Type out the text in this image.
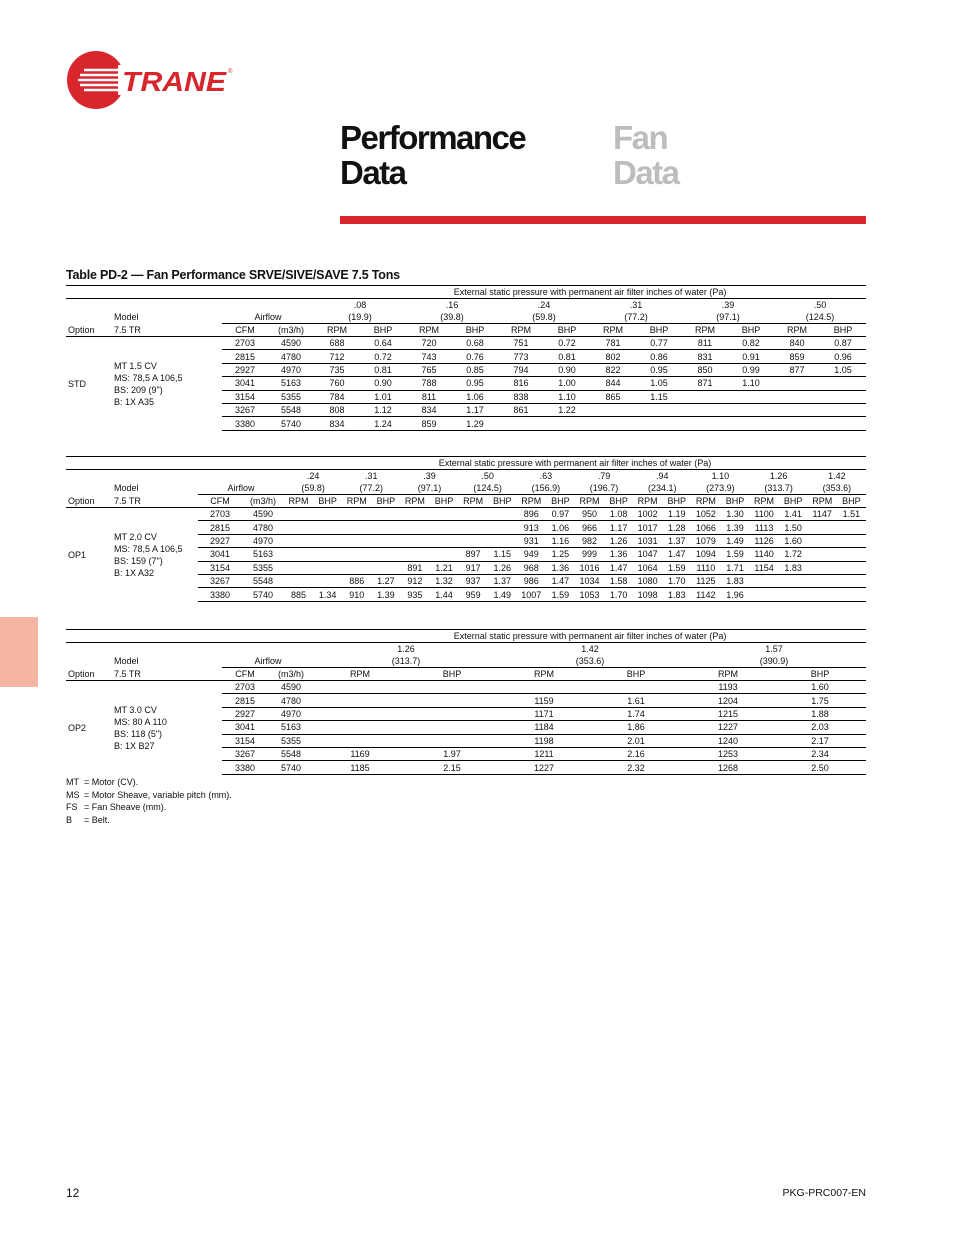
TRANE ®
Performance
Data
Fan
Data
Table PD-2 — Fan Performance SRVE/SIVE/SAVE 7.5 Tons
				External static pressure with permanent air filter inches of water (Pa)											
				.08		.16		.24		.31		.39		.50	
	Model	Airflow		(19.9)		(39.8)		(59.8)		(77.2)		(97.1)		(124.5)	
Option	7.5 TR	CFM	(m3/h)	RPM	BHP	RPM	BHP	RPM	BHP	RPM	BHP	RPM	BHP	RPM	BHP
STD	MT 1.5 CV
MS: 78,5 A 106,5
BS: 209 (9")
B: 1X A35	2703	4590	688	0.64	720	0.68	751	0.72	781	0.77	811	0.82	840	0.87
		2815	4780	712	0.72	743	0.76	773	0.81	802	0.86	831	0.91	859	0.96
		2927	4970	735	0.81	765	0.85	794	0.90	822	0.95	850	0.99	877	1.05
		3041	5163	760	0.90	788	0.95	816	1.00	844	1.05	871	1.10		
		3154	5355	784	1.01	811	1.06	838	1.10	865	1.15				
		3267	5548	808	1.12	834	1.17	861	1.22						
		3380	5740	834	1.24	859	1.29								
				External static pressure with permanent air filter inches of water (Pa)																			
				.24		.31		.39		.50		.63		.79		.94		1.10		1.26		1.42	
	Model	Airflow		(59.8)		(77.2)		(97.1)		(124.5)		(156.9)		(196.7)		(234.1)		(273.9)		(313.7)		(353.6)	
Option	7.5 TR	CFM	(m3/h)	RPM	BHP	RPM	BHP	RPM	BHP	RPM	BHP	RPM	BHP	RPM	BHP	RPM	BHP	RPM	BHP	RPM	BHP	RPM	BHP
OP1	MT 2.0 CV
MS: 78,5 A 106,5
BS: 159 (7")
B: 1X A32	2703	4590									896	0.97	950	1.08	1002	1.19	1052	1.30	1100	1.41	1147	1.51
		2815	4780									913	1.06	966	1.17	1017	1.28	1066	1.39	1113	1.50		
		2927	4970									931	1.16	982	1.26	1031	1.37	1079	1.49	1126	1.60		
		3041	5163							897	1.15	949	1.25	999	1.36	1047	1.47	1094	1.59	1140	1.72		
		3154	5355					891	1.21	917	1.26	968	1.36	1016	1.47	1064	1.59	1110	1.71	1154	1.83		
		3267	5548			886	1.27	912	1.32	937	1.37	986	1.47	1034	1.58	1080	1.70	1125	1.83				
		3380	5740	885	1.34	910	1.39	935	1.44	959	1.49	1007	1.59	1053	1.70	1098	1.83	1142	1.96				
				External static pressure with permanent air filter inches of water (Pa)					
				1.26		1.42		1.57	
	Model	Airflow		(313.7)		(353.6)		(390.9)	
Option	7.5 TR	CFM	(m3/h)	RPM	BHP	RPM	BHP	RPM	BHP
OP2	MT 3.0 CV
MS: 80 A 110
BS: 118 (5")
B: 1X B27	2703	4590					1193	1.60
		2815	4780			1159	1.61	1204	1.75
		2927	4970			1171	1.74	1215	1.88
		3041	5163			1184	1.86	1227	2.03
		3154	5355			1198	2.01	1240	2.17
		3267	5548	1169	1.97	1211	2.16	1253	2.34
		3380	5740	1185	2.15	1227	2.32	1268	2.50
MT = Motor (CV).
MS = Motor Sheave, variable pitch (mm).
FS = Fan Sheave (mm).
B = Belt.
12	PKG-PRC007-EN
